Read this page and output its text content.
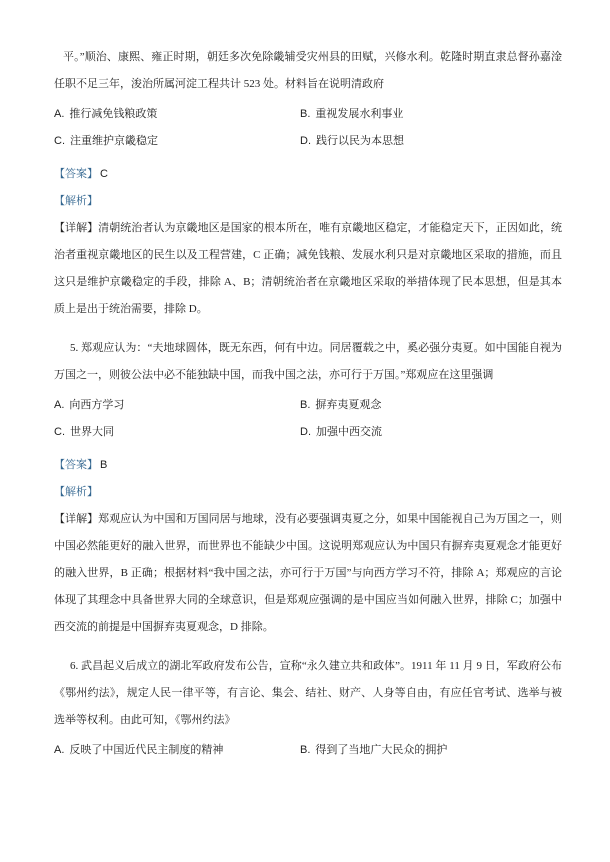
平。”顺治、康熙、雍正时期，朝廷多次免除畿辅受灾州县的田赋，兴修水利。乾隆时期直隶总督孙嘉淦任职不足三年，浚治所属河淀工程共计 523 处。材料旨在说明清政府

A. 推行减免钱粮政策	B. 重视发展水利事业
C. 注重维护京畿稳定	D. 践行以民为本思想

【答案】 C

【解析】

【详解】清朝统治者认为京畿地区是国家的根本所在，唯有京畿地区稳定，才能稳定天下，正因如此，统治者重视京畿地区的民生以及工程营建，C 正确；减免钱粮、发展水利只是对京畿地区采取的措施，而且这只是维护京畿稳定的手段，排除 A、B；清朝统治者在京畿地区采取的举措体现了民本思想，但是其本质上是出于统治需要，排除 D。

5. 郑观应认为：“夫地球圆体，既无东西，何有中边。同居覆载之中，奚必强分夷夏。如中国能自视为万国之一，则彼公法中必不能独缺中国，而我中国之法，亦可行于万国。”郑观应在这里强调

A. 向西方学习	B. 摒弃夷夏观念
C. 世界大同	D. 加强中西交流

【答案】 B

【解析】

【详解】郑观应认为中国和万国同居与地球，没有必要强调夷夏之分，如果中国能视自己为万国之一，则中国必然能更好的融入世界，而世界也不能缺少中国。这说明郑观应认为中国只有摒弃夷夏观念才能更好的融入世界，B 正确；根据材料“我中国之法，亦可行于万国”与向西方学习不符，排除 A；郑观应的言论体现了其理念中具备世界大同的全球意识，但是郑观应强调的是中国应当如何融入世界，排除 C；加强中西交流的前提是中国摒弃夷夏观念，D 排除。

6. 武昌起义后成立的湖北军政府发布公告，宣称“永久建立共和政体”。1911 年 11 月 9 日，军政府公布《鄂州约法》，规定人民一律平等，有言论、集会、结社、财产、人身等自由，有应任官考试、选举与被选举等权利。由此可知，《鄂州约法》

A. 反映了中国近代民主制度的精神	B. 得到了当地广大民众的拥护
